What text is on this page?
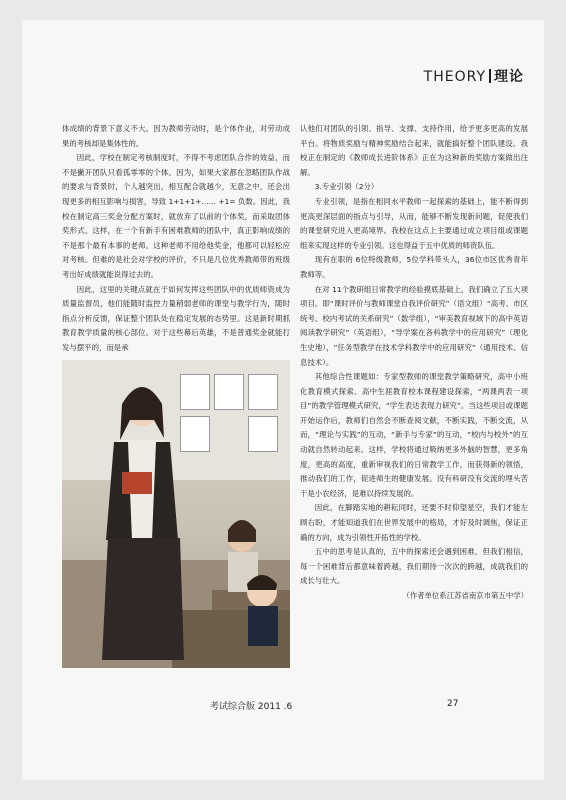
THEORY 理论

体成绩的背景下意义不大。因为教师劳动时，是个体作业，对劳动成果的考核却是集体性的。

因此，学校在制定考核制度时，不得不考虑团队合作的效益，而不是撇开团队只看孤零零的个体。因为，如果大家都在忽略团队作战的要求与背景时，个人越突出，相互配合就越少，无意之中，还会出现更多的相互影响与损害，导致 1+1+1+…… +1= 负数。因此，我校在制定高三奖金分配方案时，就放弃了以前的个体奖，而采取团体奖形式。这样，在一个有新手有困难教师的团队中，真正影响成绩的不是那个最有本事的老师。这种老师不用给他奖金，他都可以轻松应对考核。但难的是社会对学校的评价，不只是几位优秀教师带的班级考出好成绩就能说得过去的。

因此，这里的关键点就在于如何发挥这些团队中的优质师资成为质量监督员，他们能随时监控力量稍弱老师的课堂与教学行为，随时指点分析反馈，保证整个团队处在稳定发展的态势里。这是新时期抓教育教学质量的核心部位。对于这些幕后英雄，不是普通奖金就能打发与摆平的，而是承

认他们对团队的引领、指导、支撑、支持作用，给予更多更高的发展平台。将物质奖励与精神奖励结合起来，就能搞好整个团队建设。我校正在制定的《教师成长进阶体系》正在为这种新的奖励方案做出注解。

3.专业引领（2分）

专业引领，是指在相同水平教师一起探索的基础上，能不断得到更高更深层面的指点与引导，从而，能够不断发现新问题，促使我们的课堂研究进入更高境界。我校在这点上主要通过成立项目组或课题组来实现这样的专业引领。这也得益于五中优质的师资队伍。

现有在职的 6位特级教师，5位学科带头人，36位市区优秀青年教师等。

在对 11个教研组日常教学的经验摸底基础上，我们确立了五大项项目。即“课时评价与教师课堂自我评价研究”（语文组）“高考、市区统考、校内考试的关系研究”（数学组），“审美教育视域下的高中英语阅读教学研究”（英语组），“导学案在各科教学中的应用研究”（理化生史地），“任务型教学在技术学科教学中的应用研究”（通用技术、信息技术）。

其他综合性课题如：专家型教师的课堂教学策略研究，高中小班化教育模式探索、高中生涯教育校本课程建设探索，“两课两表一项目”的教学管理模式研究，“学生表达表现力研究”。当这些项目或课题开始运作后，教师们自然会不断查阅文献，不断实践，不断交流，从而，“理论与实践”的互动，“新手与专家”的互动，“校内与校外”的互动就自然转动起来。这样，学校将通过吸纳更多外脑的智慧，更多角度，更高的高度，重新审视我们的日常教学工作，而获得新的领悟，推动我们的工作，促进师生的健康发展。没有科研没有交流的埋头苦干是小农经济，是难以持续发展的。

因此，在脚踏实地的耕耘同时，还要不时仰望星空，我们才能左顾右盼，才能知道我们在世界发展中的格局，才好及时调焦，保证正确的方向，成为引领性开拓性的学校。

五中的思考是认真的，五中的探索还会遇到困难，但我们相信，每一个困难背后都意味着跨越，我们期待一次次的跨越，成就我们的成长与壮大。

（作者单位系江苏省南京市第五中学）

考试综合版 2011 .6	27
